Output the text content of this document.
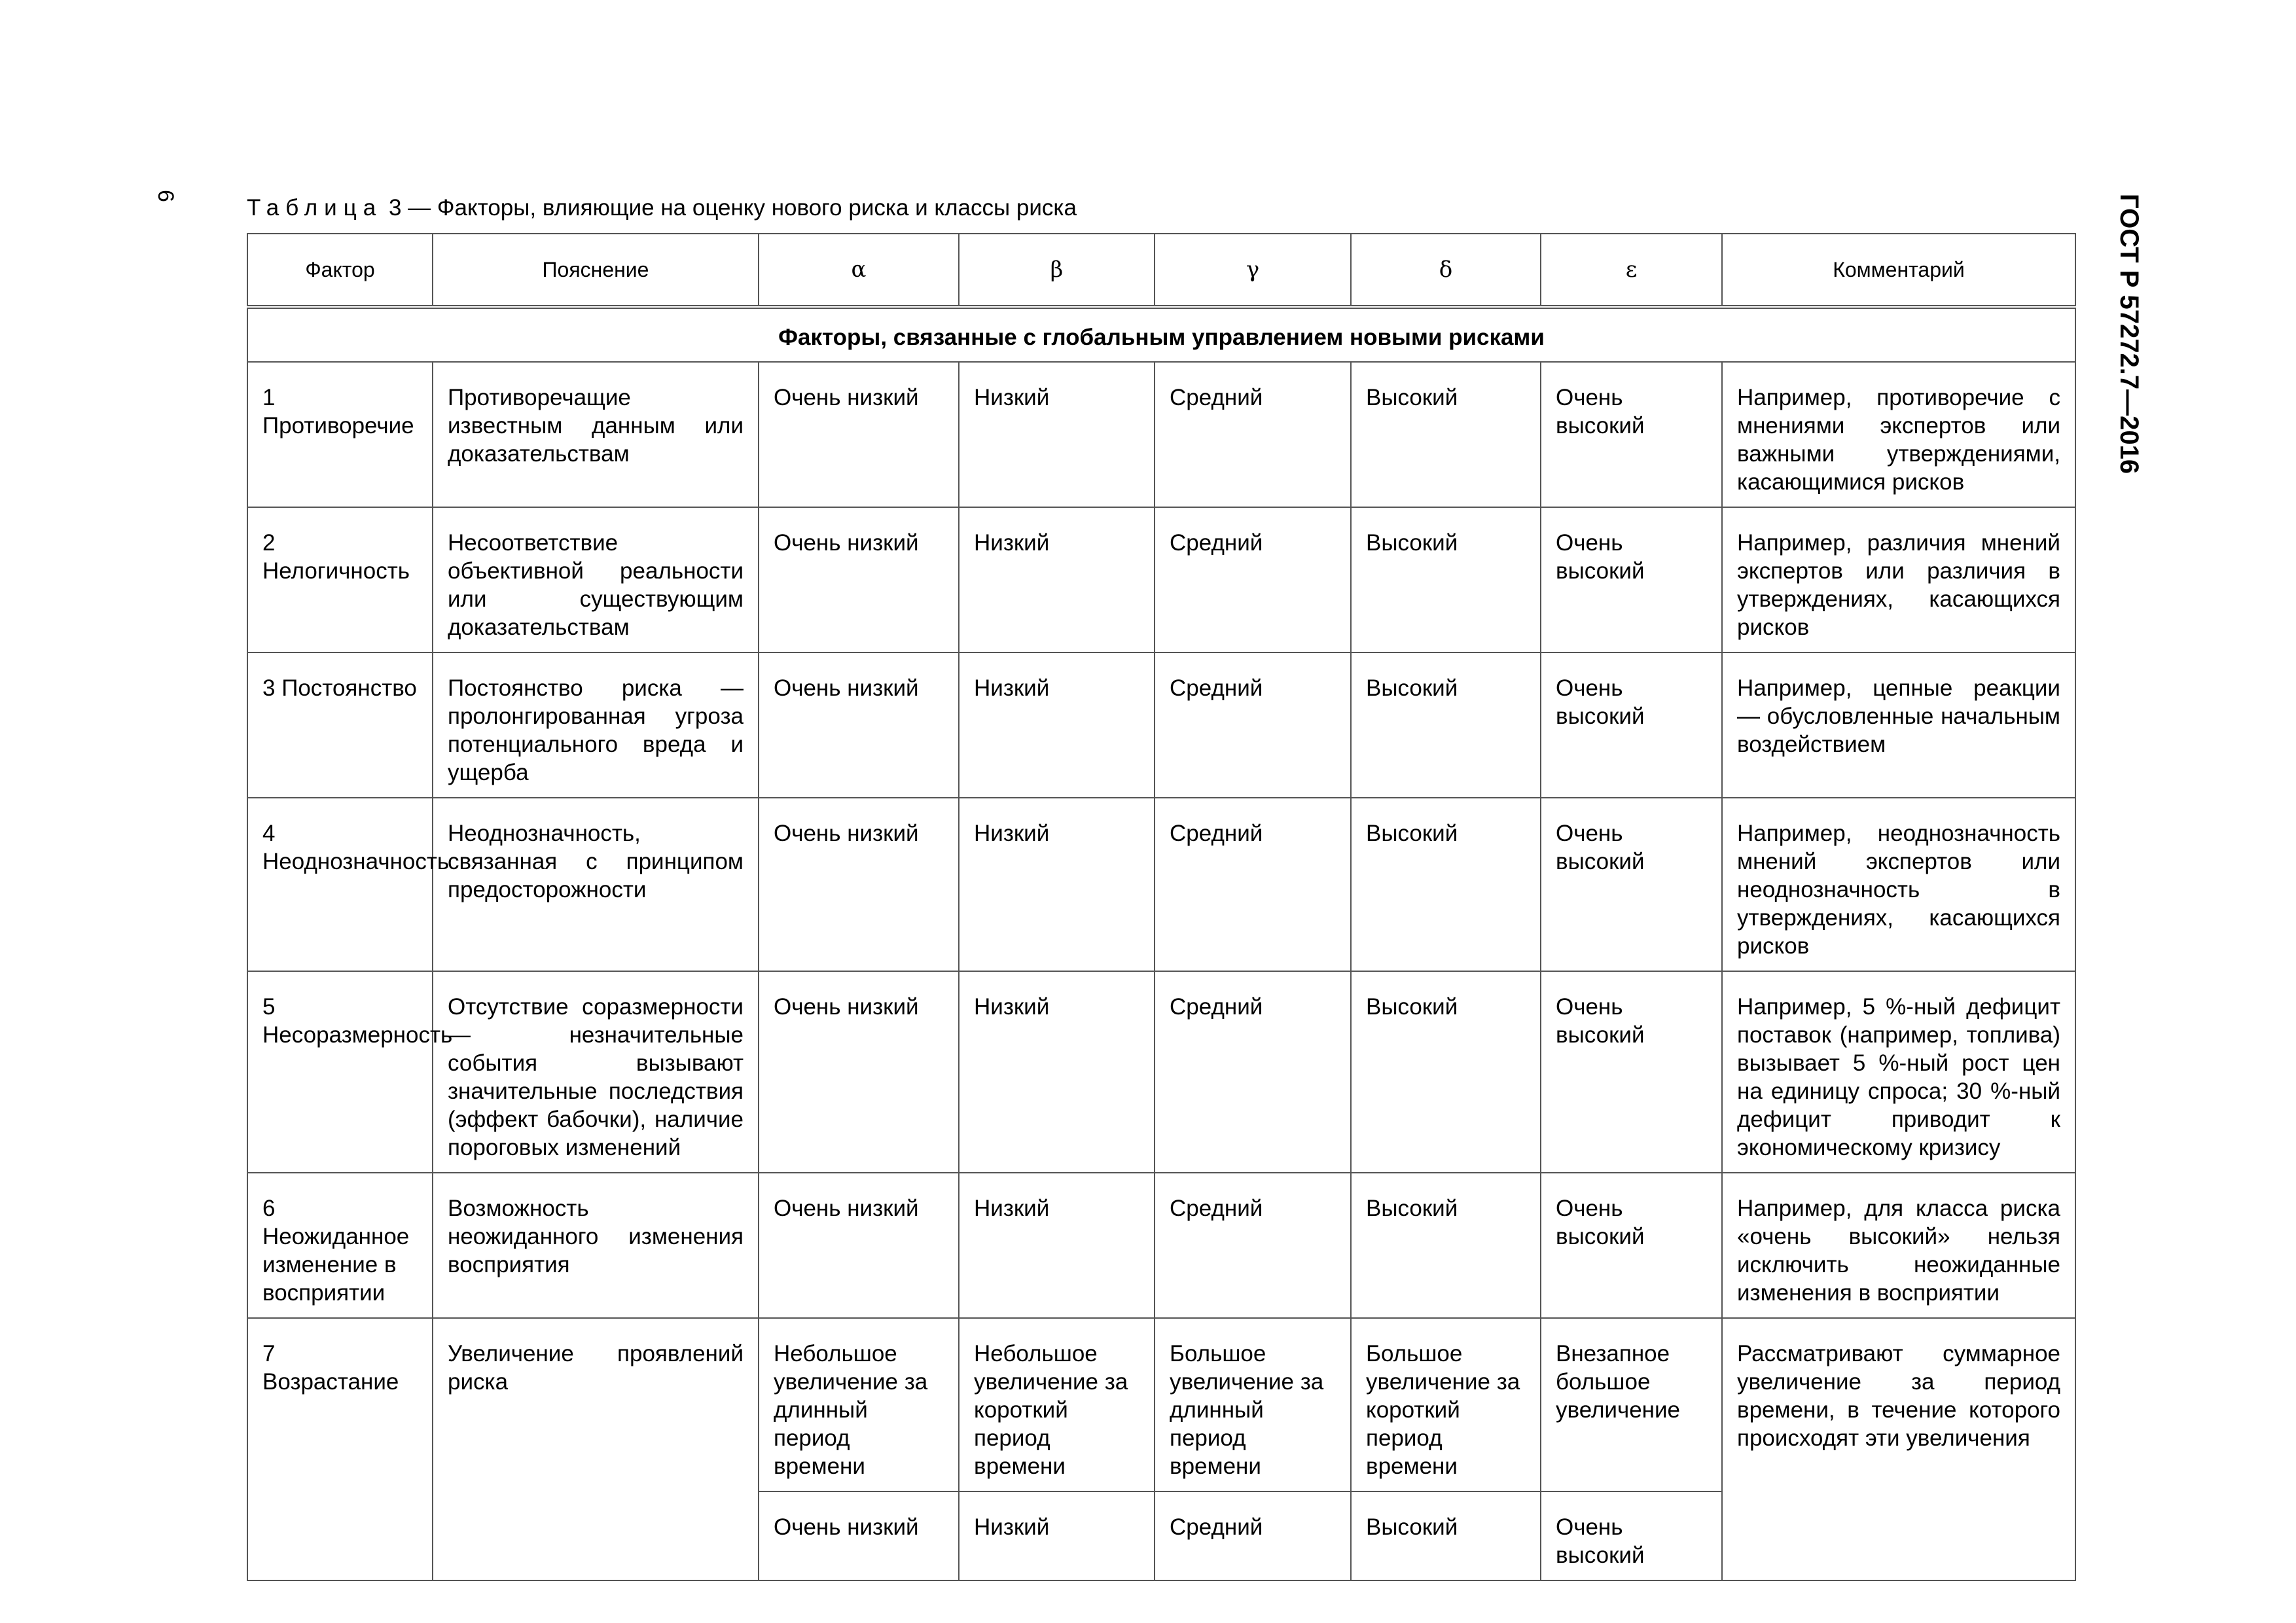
6	ГОСТ Р 57272.7—2016
Таблица 3 — Факторы, влияющие на оценку нового риска и классы риска
Фактор	Пояснение	α	β	γ	δ	ε	Комментарий
Факторы, связанные с глобальным управлением новыми рисками							
1 Противоречие	Противоречащие известным данным или доказательствам	Очень низкий	Низкий	Средний	Высокий	Очень высокий	Например, противоречие с мнениями экспертов или важными утверждениями, касающимися рисков
2 Нелогичность	Несоответствие объективной реальности или существующим доказательствам	Очень низкий	Низкий	Средний	Высокий	Очень высокий	Например, различия мнений экспертов или различия в утверждениях, касающихся рисков
3 Постоянство	Постоянство риска — пролонгированная угроза потенциального вреда и ущерба	Очень низкий	Низкий	Средний	Высокий	Очень высокий	Например, цепные реакции — обусловленные начальным воздействием
4 Неоднозначность	Неоднозначность, связанная с принципом предосторожности	Очень низкий	Низкий	Средний	Высокий	Очень высокий	Например, неоднозначность мнений экспертов или неоднозначность в утверждениях, касающихся рисков
5 Несоразмерность	Отсутствие соразмерности — незначительные события вызывают значительные последствия (эффект бабочки), наличие пороговых изменений	Очень низкий	Низкий	Средний	Высокий	Очень высокий	Например, 5 %-ный дефицит поставок (например, топлива) вызывает 5 %-ный рост цен на единицу спроса; 30 %-ный дефицит приводит к экономическому кризису
6 Неожиданное изменение в восприятии	Возможность неожиданного изменения восприятия	Очень низкий	Низкий	Средний	Высокий	Очень высокий	Например, для класса риска «очень высокий» нельзя исключить неожиданные изменения в восприятии
7 Возрастание	Увеличение проявлений риска	Небольшое увеличение за длинный период времени	Небольшое увеличение за короткий период времени	Большое увеличение за длинный период времени	Большое увеличение за короткий период времени	Внезапное большое увеличение	Рассматривают суммарное увеличение за период времени, в течение которого происходят эти увеличения
		Очень низкий	Низкий	Средний	Высокий	Очень высокий	
